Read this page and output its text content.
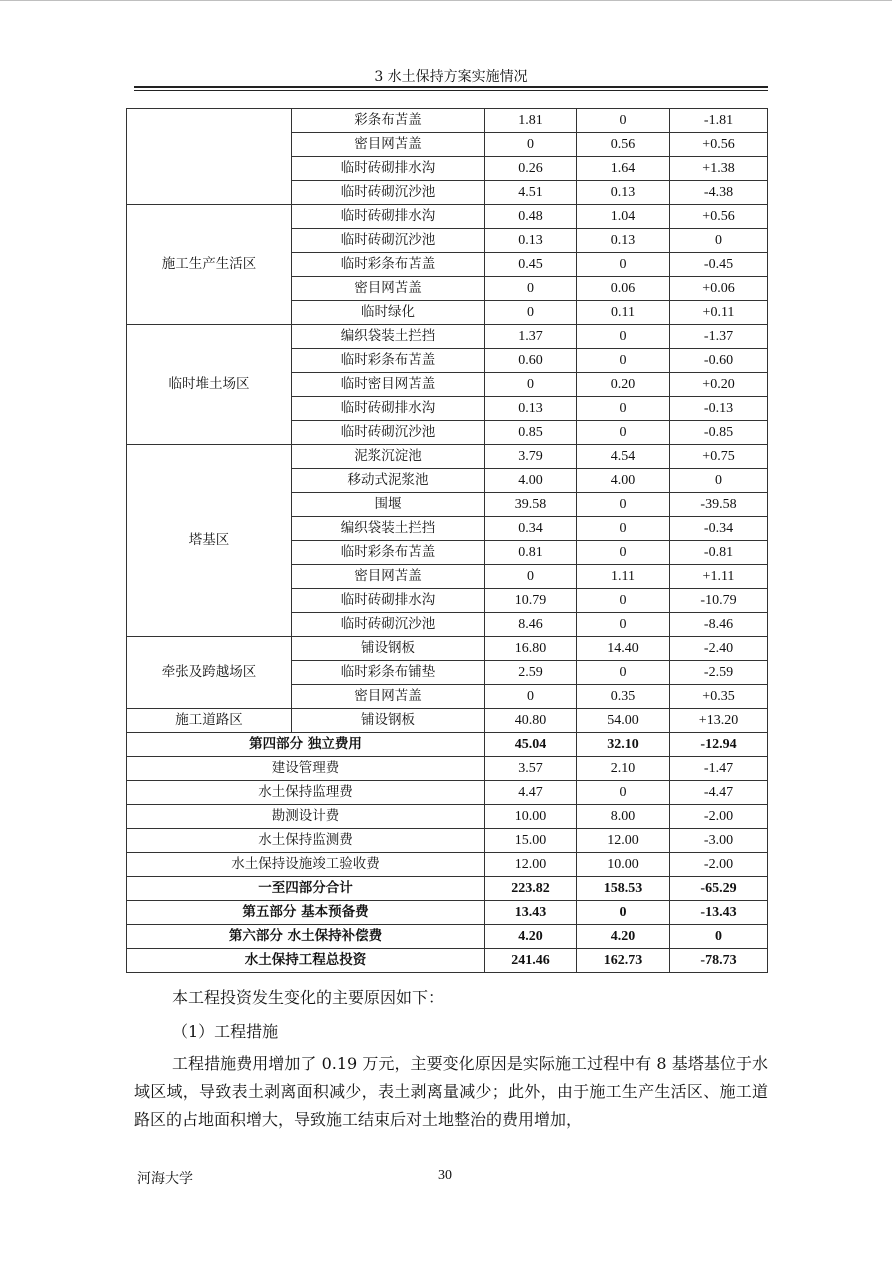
3 水土保持方案实施情况
	彩条布苫盖	1.81	0	-1.81
	密目网苫盖	0	0.56	+0.56
	临时砖砌排水沟	0.26	1.64	+1.38
	临时砖砌沉沙池	4.51	0.13	-4.38
施工生产生活区	临时砖砌排水沟	0.48	1.04	+0.56
	临时砖砌沉沙池	0.13	0.13	0
	临时彩条布苫盖	0.45	0	-0.45
	密目网苫盖	0	0.06	+0.06
	临时绿化	0	0.11	+0.11
临时堆土场区	编织袋装土拦挡	1.37	0	-1.37
	临时彩条布苫盖	0.60	0	-0.60
	临时密目网苫盖	0	0.20	+0.20
	临时砖砌排水沟	0.13	0	-0.13
	临时砖砌沉沙池	0.85	0	-0.85
塔基区	泥浆沉淀池	3.79	4.54	+0.75
	移动式泥浆池	4.00	4.00	0
	围堰	39.58	0	-39.58
	编织袋装土拦挡	0.34	0	-0.34
	临时彩条布苫盖	0.81	0	-0.81
	密目网苫盖	0	1.11	+1.11
	临时砖砌排水沟	10.79	0	-10.79
	临时砖砌沉沙池	8.46	0	-8.46
牵张及跨越场区	铺设钢板	16.80	14.40	-2.40
	临时彩条布铺垫	2.59	0	-2.59
	密目网苫盖	0	0.35	+0.35
施工道路区	铺设钢板	40.80	54.00	+13.20
第四部分 独立费用		45.04	32.10	-12.94
建设管理费		3.57	2.10	-1.47
水土保持监理费		4.47	0	-4.47
勘测设计费		10.00	8.00	-2.00
水土保持监测费		15.00	12.00	-3.00
水土保持设施竣工验收费		12.00	10.00	-2.00
一至四部分合计		223.82	158.53	-65.29
第五部分 基本预备费		13.43	0	-13.43
第六部分 水土保持补偿费		4.20	4.20	0
水土保持工程总投资		241.46	162.73	-78.73
本工程投资发生变化的主要原因如下：
（1）工程措施
工程措施费用增加了 0.19 万元，主要变化原因是实际施工过程中有 8 基塔基位于水域区域，导致表土剥离面积减少，表土剥离量减少；此外，由于施工生产生活区、施工道路区的占地面积增大，导致施工结束后对土地整治的费用增加，
河海大学	30
